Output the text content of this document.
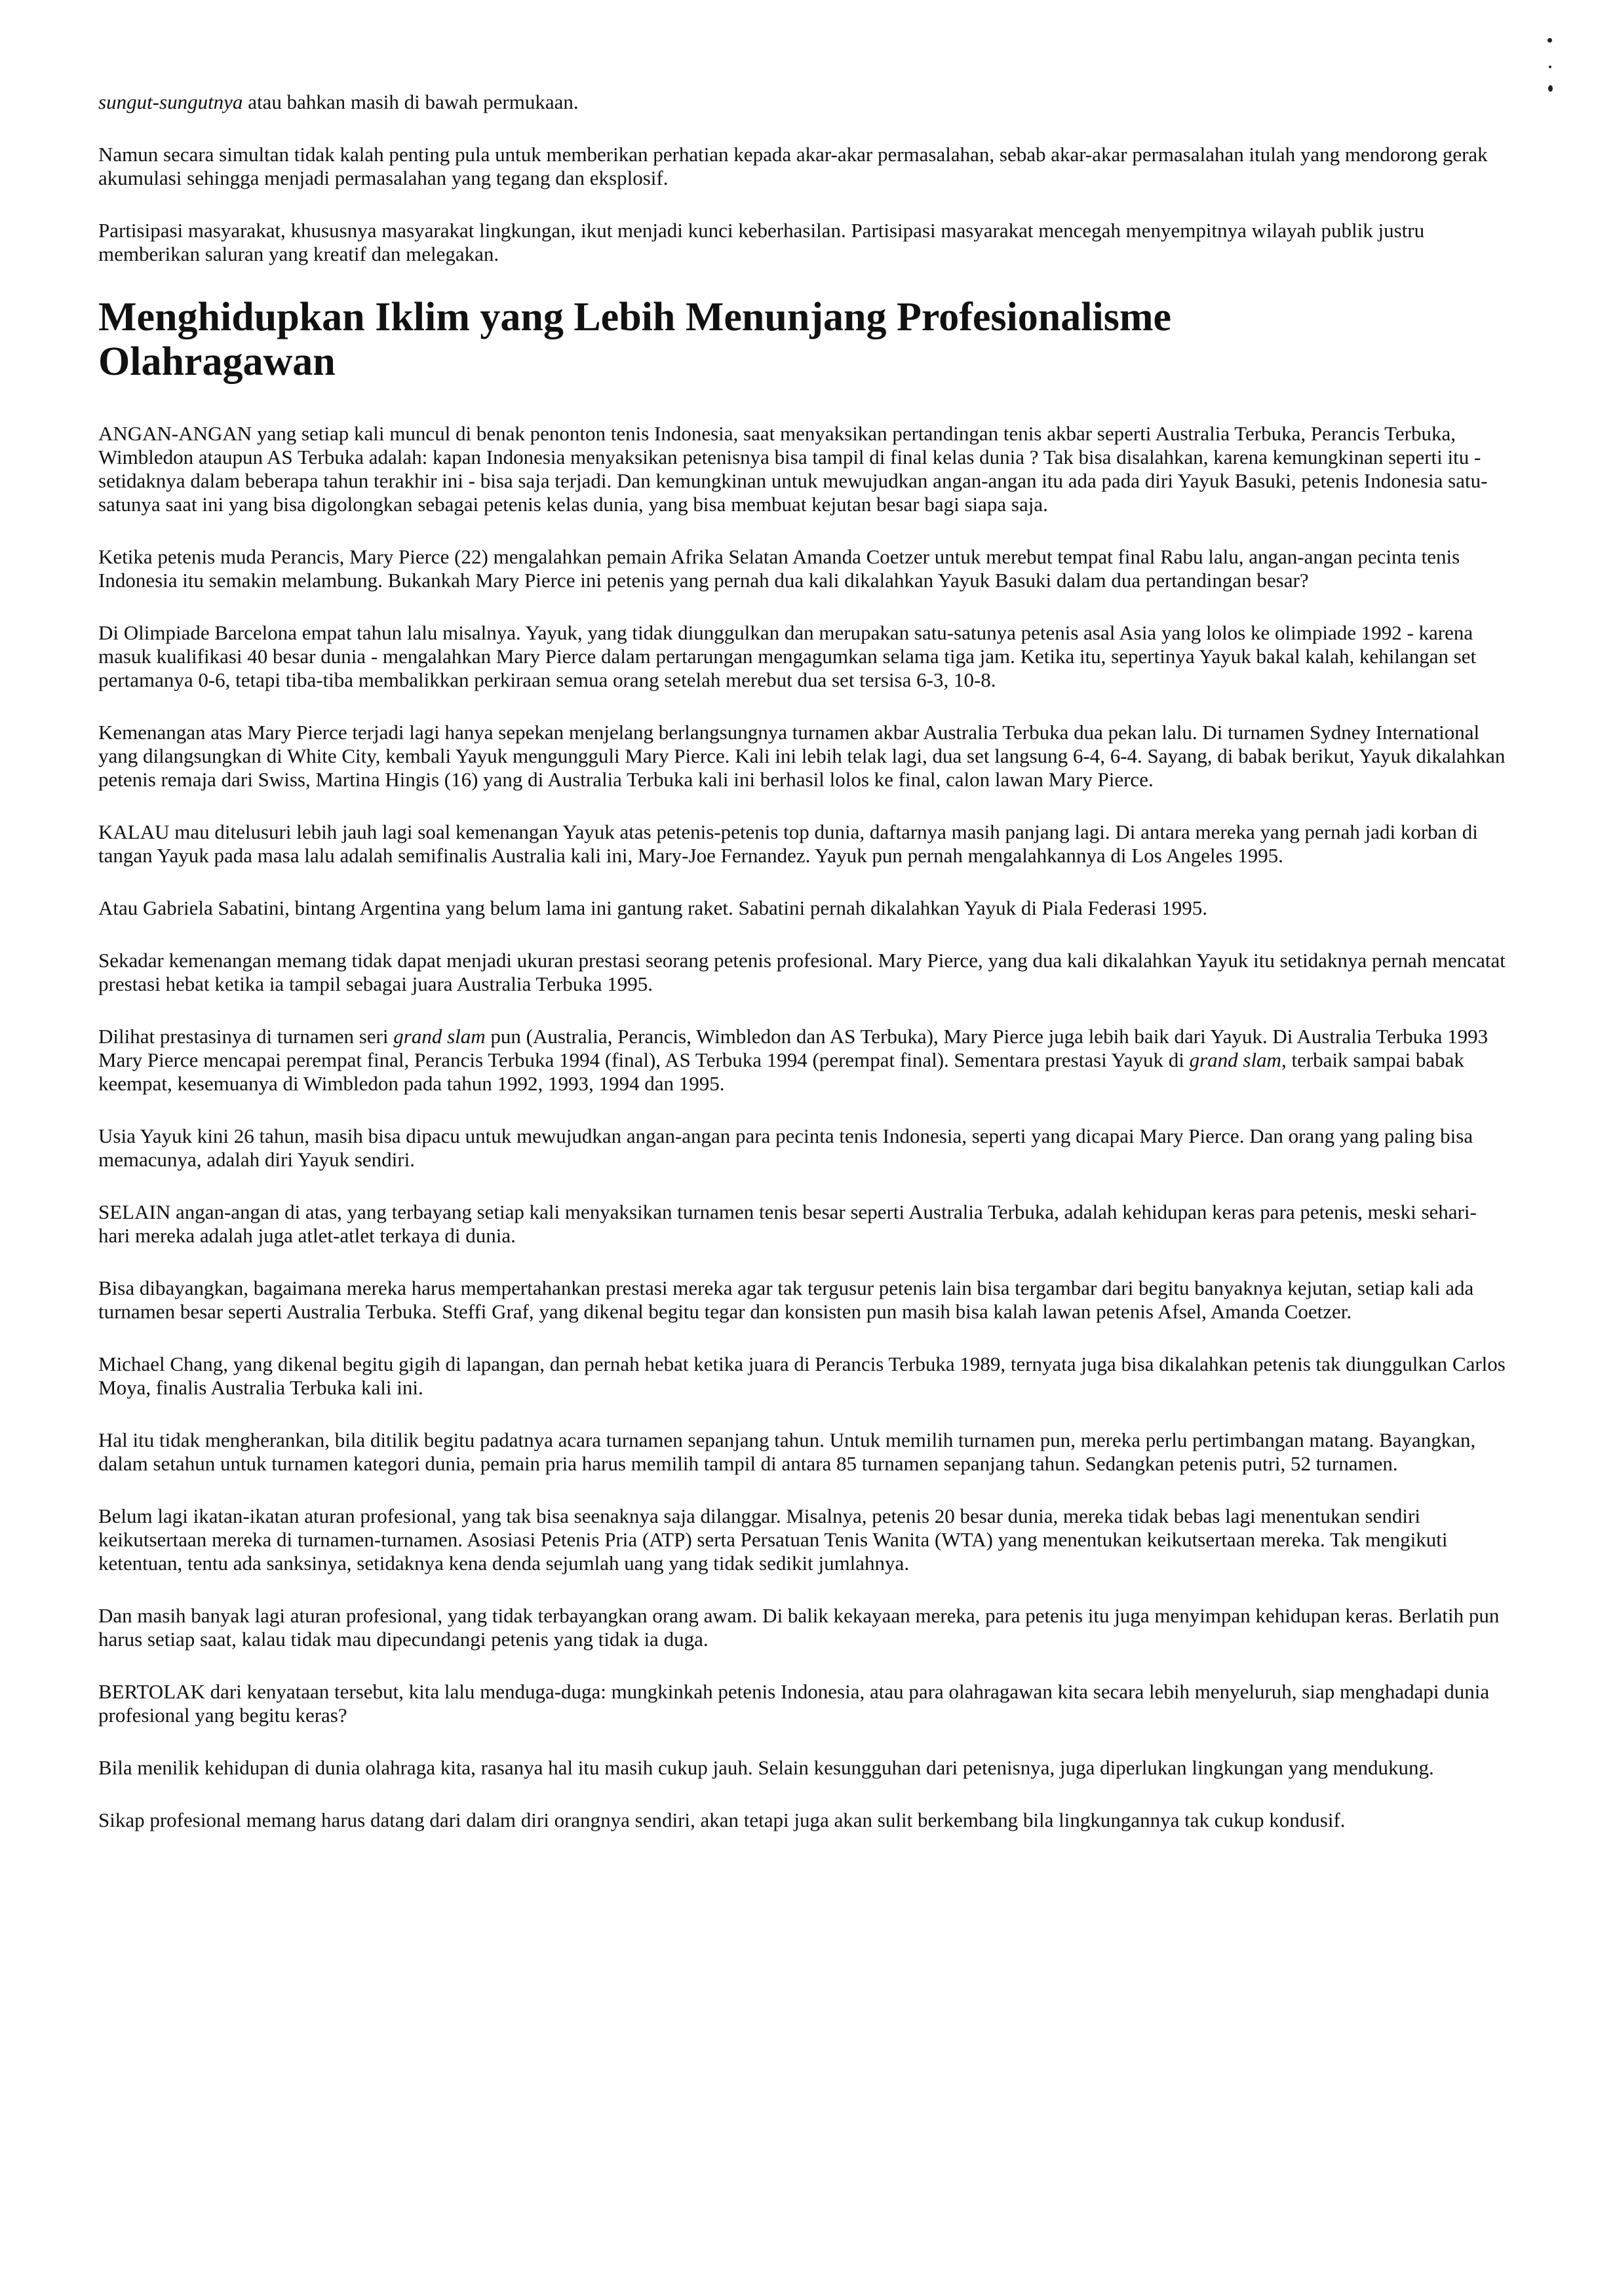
sungut-sungutnya atau bahkan masih di bawah permukaan.

Namun secara simultan tidak kalah penting pula untuk memberikan perhatian kepada akar-akar permasalahan, sebab akar-akar permasalahan itulah yang mendorong gerak akumulasi sehingga menjadi permasalahan yang tegang dan eksplosif.

Partisipasi masyarakat, khususnya masyarakat lingkungan, ikut menjadi kunci keberhasilan. Partisipasi masyarakat mencegah menyempitnya wilayah publik justru memberikan saluran yang kreatif dan melegakan.

Menghidupkan Iklim yang Lebih Menunjang Profesionalisme Olahragawan

ANGAN-ANGAN yang setiap kali muncul di benak penonton tenis Indonesia, saat menyaksikan pertandingan tenis akbar seperti Australia Terbuka, Perancis Terbuka, Wimbledon ataupun AS Terbuka adalah: kapan Indonesia menyaksikan petenisnya bisa tampil di final kelas dunia ? Tak bisa disalahkan, karena kemungkinan seperti itu - setidaknya dalam beberapa tahun terakhir ini - bisa saja terjadi. Dan kemungkinan untuk mewujudkan angan-angan itu ada pada diri Yayuk Basuki, petenis Indonesia satu-satunya saat ini yang bisa digolongkan sebagai petenis kelas dunia, yang bisa membuat kejutan besar bagi siapa saja.

Ketika petenis muda Perancis, Mary Pierce (22) mengalahkan pemain Afrika Selatan Amanda Coetzer untuk merebut tempat final Rabu lalu, angan-angan pecinta tenis Indonesia itu semakin melambung. Bukankah Mary Pierce ini petenis yang pernah dua kali dikalahkan Yayuk Basuki dalam dua pertandingan besar?

Di Olimpiade Barcelona empat tahun lalu misalnya. Yayuk, yang tidak diunggulkan dan merupakan satu-satunya petenis asal Asia yang lolos ke olimpiade 1992 - karena masuk kualifikasi 40 besar dunia - mengalahkan Mary Pierce dalam pertarungan mengagumkan selama tiga jam. Ketika itu, sepertinya Yayuk bakal kalah, kehilangan set pertamanya 0-6, tetapi tiba-tiba membalikkan perkiraan semua orang setelah merebut dua set tersisa 6-3, 10-8.

Kemenangan atas Mary Pierce terjadi lagi hanya sepekan menjelang berlangsungnya turnamen akbar Australia Terbuka dua pekan lalu. Di turnamen Sydney International yang dilangsungkan di White City, kembali Yayuk mengungguli Mary Pierce. Kali ini lebih telak lagi, dua set langsung 6-4, 6-4. Sayang, di babak berikut, Yayuk dikalahkan petenis remaja dari Swiss, Martina Hingis (16) yang di Australia Terbuka kali ini berhasil lolos ke final, calon lawan Mary Pierce.

KALAU mau ditelusuri lebih jauh lagi soal kemenangan Yayuk atas petenis-petenis top dunia, daftarnya masih panjang lagi. Di antara mereka yang pernah jadi korban di tangan Yayuk pada masa lalu adalah semifinalis Australia kali ini, Mary-Joe Fernandez. Yayuk pun pernah mengalahkannya di Los Angeles 1995.

Atau Gabriela Sabatini, bintang Argentina yang belum lama ini gantung raket. Sabatini pernah dikalahkan Yayuk di Piala Federasi 1995.

Sekadar kemenangan memang tidak dapat menjadi ukuran prestasi seorang petenis profesional. Mary Pierce, yang dua kali dikalahkan Yayuk itu setidaknya pernah mencatat prestasi hebat ketika ia tampil sebagai juara Australia Terbuka 1995.

Dilihat prestasinya di turnamen seri grand slam pun (Australia, Perancis, Wimbledon dan AS Terbuka), Mary Pierce juga lebih baik dari Yayuk. Di Australia Terbuka 1993 Mary Pierce mencapai perempat final, Perancis Terbuka 1994 (final), AS Terbuka 1994 (perempat final). Sementara prestasi Yayuk di grand slam, terbaik sampai babak keempat, kesemuanya di Wimbledon pada tahun 1992, 1993, 1994 dan 1995.

Usia Yayuk kini 26 tahun, masih bisa dipacu untuk mewujudkan angan-angan para pecinta tenis Indonesia, seperti yang dicapai Mary Pierce. Dan orang yang paling bisa memacunya, adalah diri Yayuk sendiri.

SELAIN angan-angan di atas, yang terbayang setiap kali menyaksikan turnamen tenis besar seperti Australia Terbuka, adalah kehidupan keras para petenis, meski sehari-hari mereka adalah juga atlet-atlet terkaya di dunia.

Bisa dibayangkan, bagaimana mereka harus mempertahankan prestasi mereka agar tak tergusur petenis lain bisa tergambar dari begitu banyaknya kejutan, setiap kali ada turnamen besar seperti Australia Terbuka. Steffi Graf, yang dikenal begitu tegar dan konsisten pun masih bisa kalah lawan petenis Afsel, Amanda Coetzer.

Michael Chang, yang dikenal begitu gigih di lapangan, dan pernah hebat ketika juara di Perancis Terbuka 1989, ternyata juga bisa dikalahkan petenis tak diunggulkan Carlos Moya, finalis Australia Terbuka kali ini.

Hal itu tidak mengherankan, bila ditilik begitu padatnya acara turnamen sepanjang tahun. Untuk memilih turnamen pun, mereka perlu pertimbangan matang. Bayangkan, dalam setahun untuk turnamen kategori dunia, pemain pria harus memilih tampil di antara 85 turnamen sepanjang tahun. Sedangkan petenis putri, 52 turnamen.

Belum lagi ikatan-ikatan aturan profesional, yang tak bisa seenaknya saja dilanggar. Misalnya, petenis 20 besar dunia, mereka tidak bebas lagi menentukan sendiri keikutsertaan mereka di turnamen-turnamen. Asosiasi Petenis Pria (ATP) serta Persatuan Tenis Wanita (WTA) yang menentukan keikutsertaan mereka. Tak mengikuti ketentuan, tentu ada sanksinya, setidaknya kena denda sejumlah uang yang tidak sedikit jumlahnya.

Dan masih banyak lagi aturan profesional, yang tidak terbayangkan orang awam. Di balik kekayaan mereka, para petenis itu juga menyimpan kehidupan keras. Berlatih pun harus setiap saat, kalau tidak mau dipecundangi petenis yang tidak ia duga.

BERTOLAK dari kenyataan tersebut, kita lalu menduga-duga: mungkinkah petenis Indonesia, atau para olahragawan kita secara lebih menyeluruh, siap menghadapi dunia profesional yang begitu keras?

Bila menilik kehidupan di dunia olahraga kita, rasanya hal itu masih cukup jauh. Selain kesungguhan dari petenisnya, juga diperlukan lingkungan yang mendukung.

Sikap profesional memang harus datang dari dalam diri orangnya sendiri, akan tetapi juga akan sulit berkembang bila lingkungannya tak cukup kondusif.
